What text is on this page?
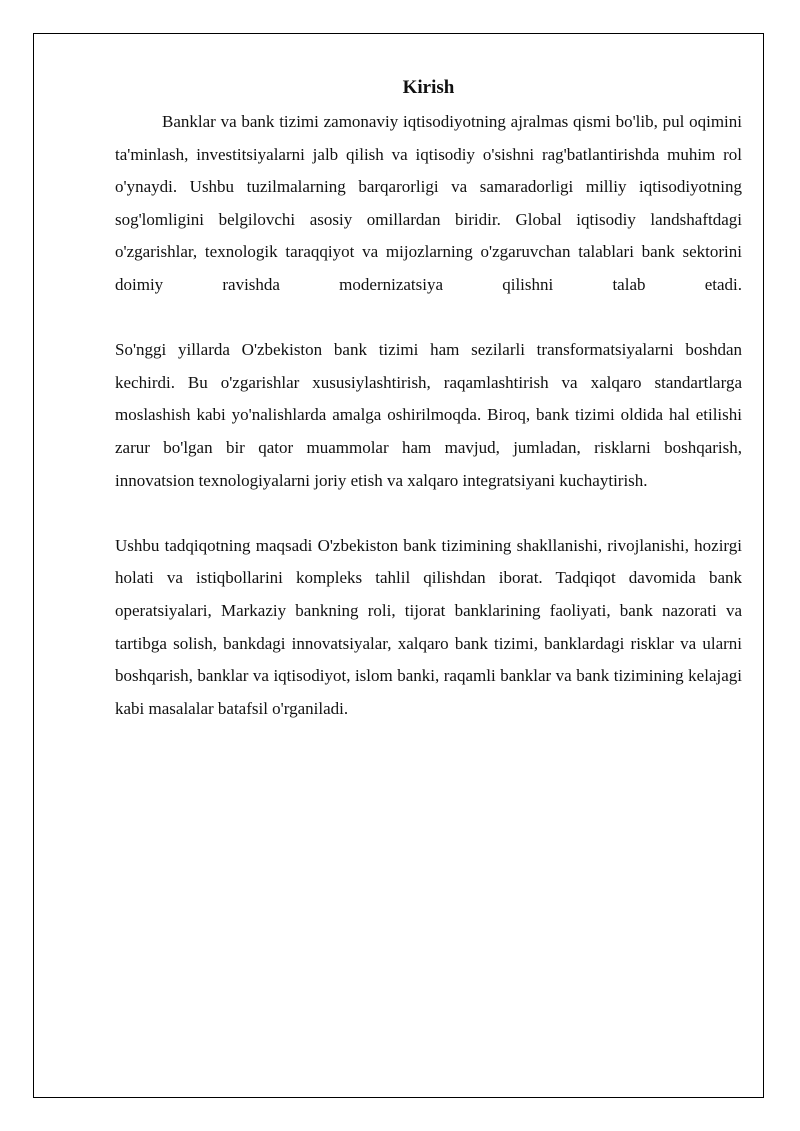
Kirish

Banklar va bank tizimi zamonaviy iqtisodiyotning ajralmas qismi bo'lib, pul oqimini ta'minlash, investitsiyalarni jalb qilish va iqtisodiy o'sishni rag'batlantirishda muhim rol o'ynaydi. Ushbu tuzilmalarning barqarorligi va samaradorligi milliy iqtisodiyotning sog'lomligini belgilovchi asosiy omillardan biridir. Global iqtisodiy landshaftdagi o'zgarishlar, texnologik taraqqiyot va mijozlarning o'zgaruvchan talablari bank sektorini doimiy ravishda modernizatsiya qilishni talab etadi.

So'nggi yillarda O'zbekiston bank tizimi ham sezilarli transformatsiyalarni boshdan kechirdi. Bu o'zgarishlar xususiylashtirish, raqamlashtirish va xalqaro standartlarga moslashish kabi yo'nalishlarda amalga oshirilmoqda. Biroq, bank tizimi oldida hal etilishi zarur bo'lgan bir qator muammolar ham mavjud, jumladan, risklarni boshqarish, innovatsion texnologiyalarni joriy etish va xalqaro integratsiyani kuchaytirish.

Ushbu tadqiqotning maqsadi O'zbekiston bank tizimining shakllanishi, rivojlanishi, hozirgi holati va istiqbollarini kompleks tahlil qilishdan iborat. Tadqiqot davomida bank operatsiyalari, Markaziy bankning roli, tijorat banklarining faoliyati, bank nazorati va tartibga solish, bankdagi innovatsiyalar, xalqaro bank tizimi, banklardagi risklar va ularni boshqarish, banklar va iqtisodiyot, islom banki, raqamli banklar va bank tizimining kelajagi kabi masalalar batafsil o'rganiladi.
